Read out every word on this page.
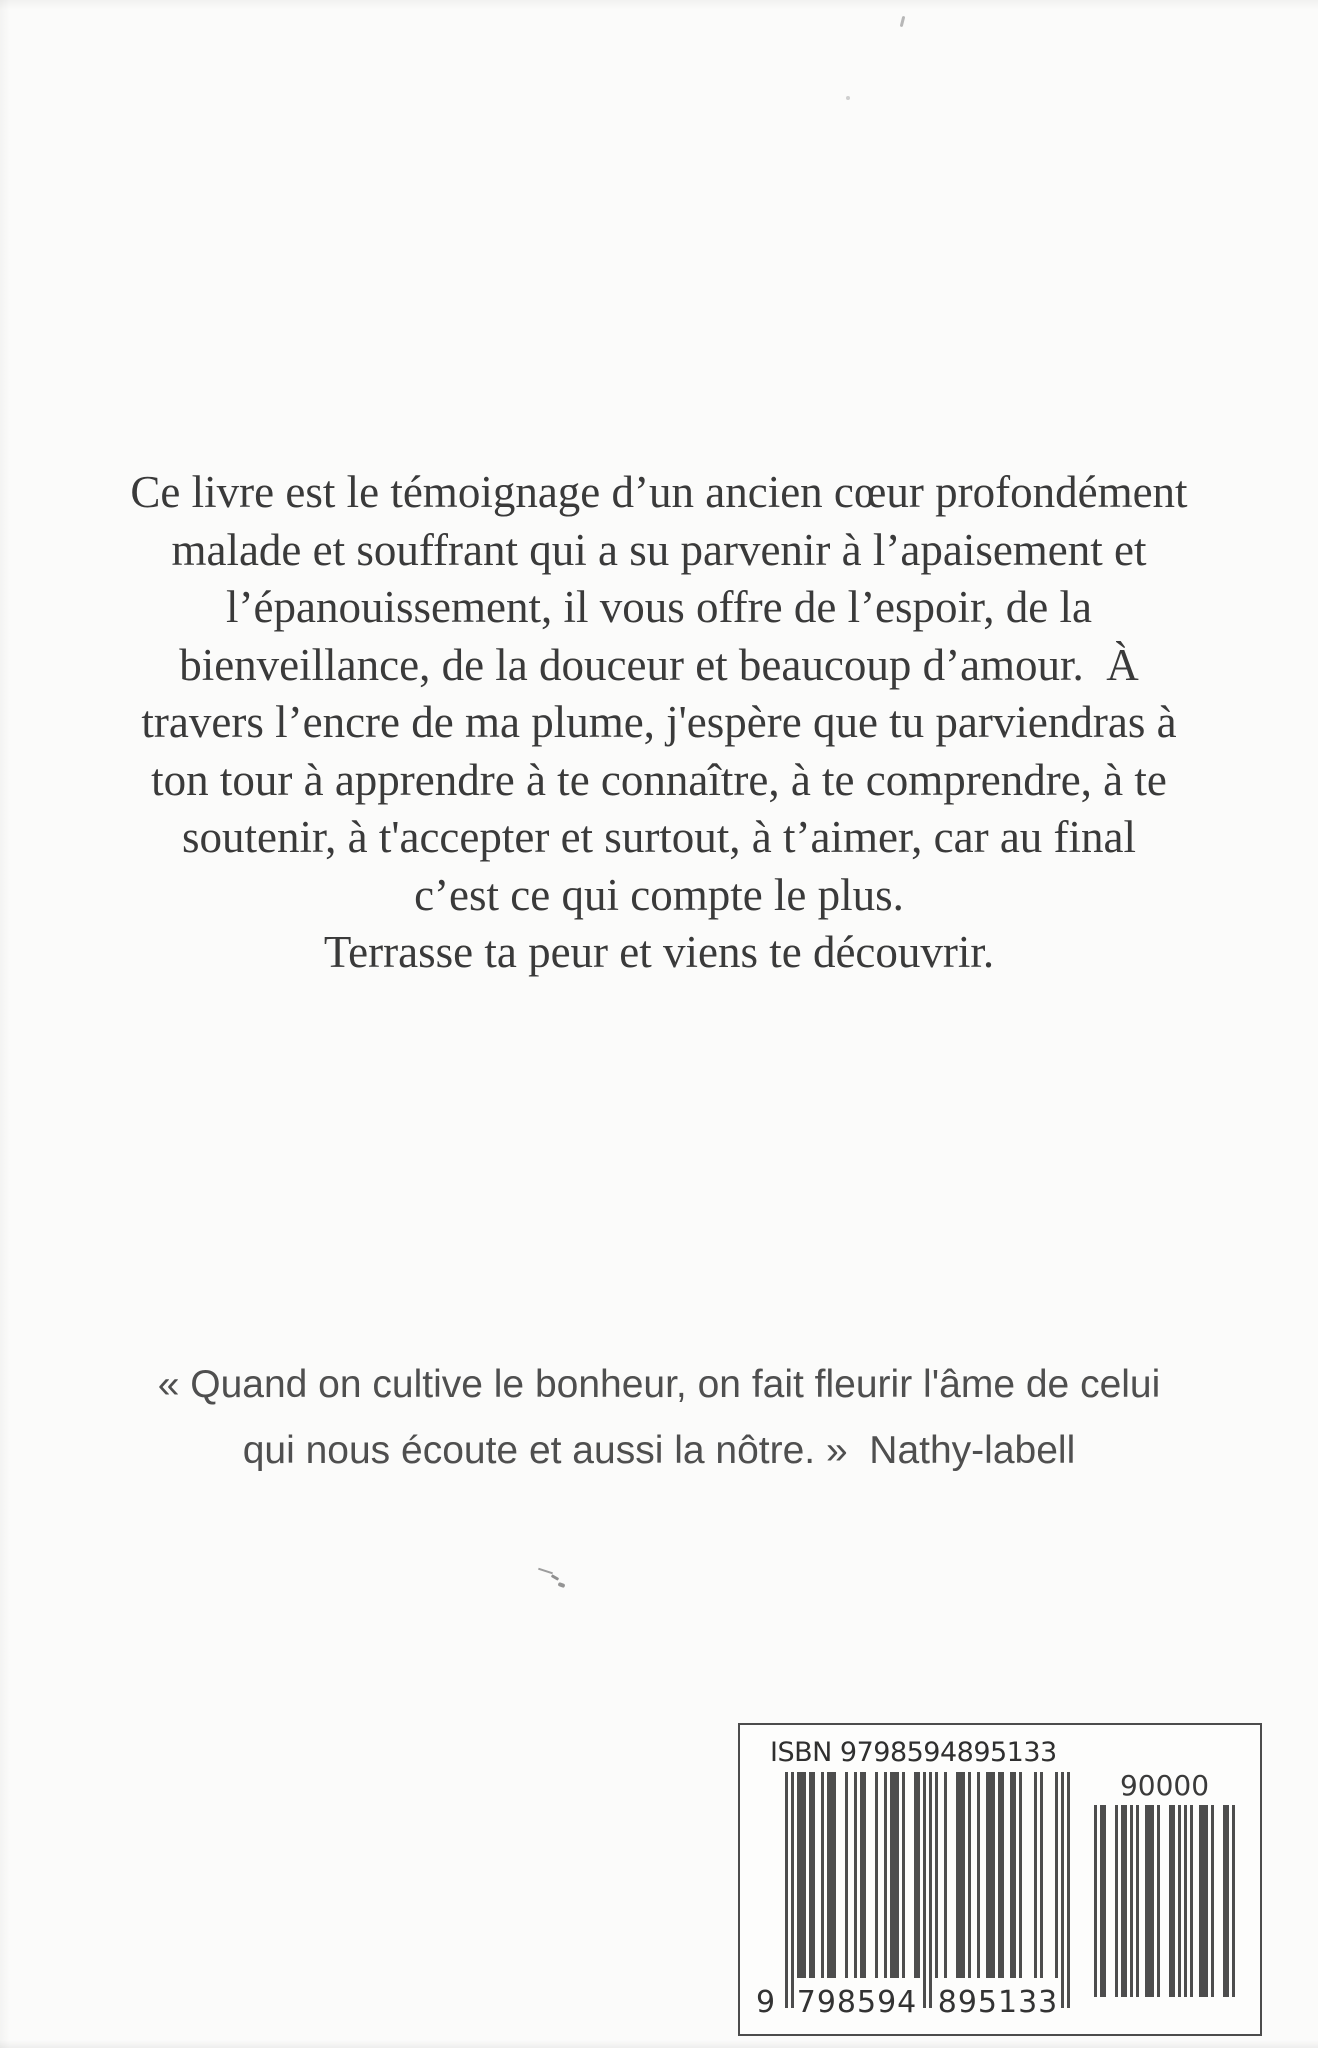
Ce livre est le témoignage d’un ancien cœur profondément
malade et souffrant qui a su parvenir à l’apaisement et
l’épanouissement, il vous offre de l’espoir, de la
bienveillance, de la douceur et beaucoup d’amour.  À
travers l’encre de ma plume, j'espère que tu parviendras à
ton tour à apprendre à te connaître, à te comprendre, à te
soutenir, à t'accepter et surtout, à t’aimer, car au final
c’est ce qui compte le plus.
Terrasse ta peur et viens te découvrir.
« Quand on cultive le bonheur, on fait fleurir l'âme de celui
qui nous écoute et aussi la nôtre. »  Nathy-labell
ISBN 9798594895133
90000
9 798594 895133
